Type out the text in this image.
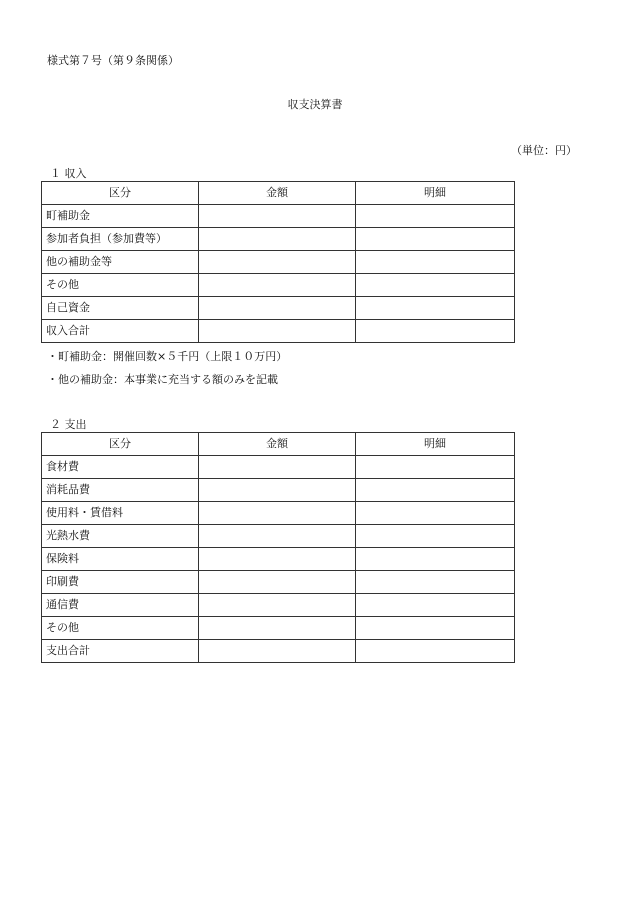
様式第７号（第９条関係）
収支決算書
（単位：円）
１ 収入
区分	金額	明細
町補助金		
参加者負担（参加費等）		
他の補助金等		
その他		
自己資金		
収入合計		
・町補助金：開催回数×５千円（上限１０万円）
・他の補助金：本事業に充当する額のみを記載
２ 支出
区分	金額	明細
食材費		
消耗品費		
使用料・賃借料		
光熱水費		
保険料		
印刷費		
通信費		
その他		
支出合計		
